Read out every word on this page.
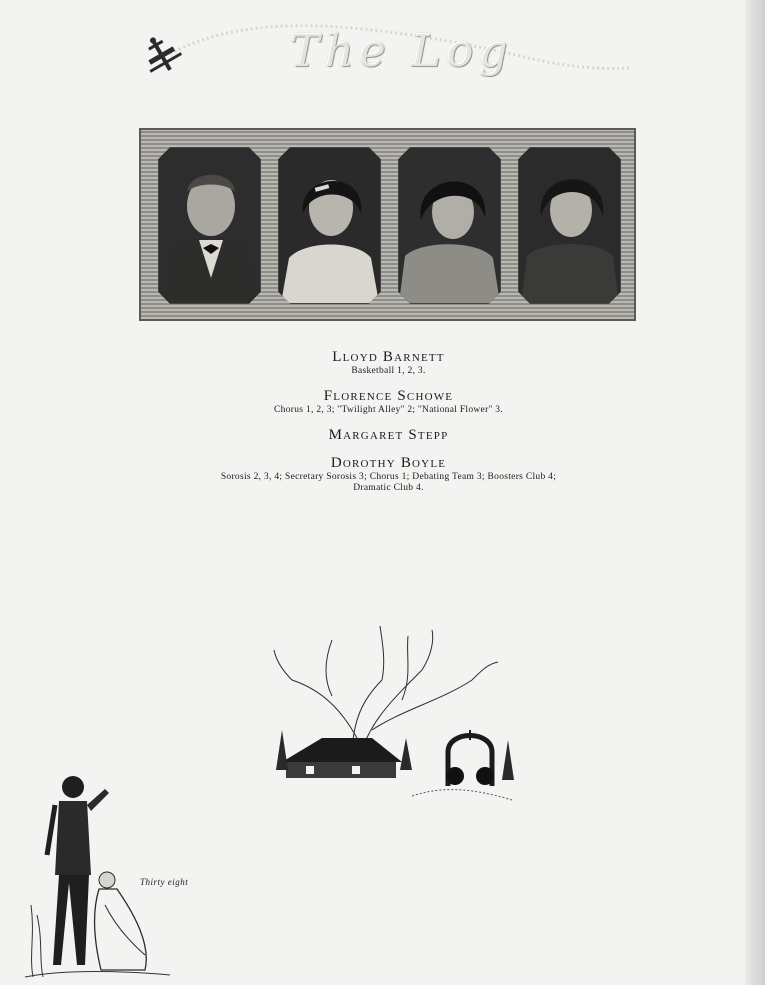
The Log
Lloyd Barnett
Basketball 1, 2, 3.
Florence Schowe
Chorus 1, 2, 3; ''Twilight Alley'' 2; ''National Flower'' 3.
Margaret Stepp
Dorothy Boyle
Sorosis 2, 3, 4; Secretary Sorosis 3; Chorus 1; Debating Team 3; Boosters Club 4;
Dramatic Club 4.
Thirty eight
